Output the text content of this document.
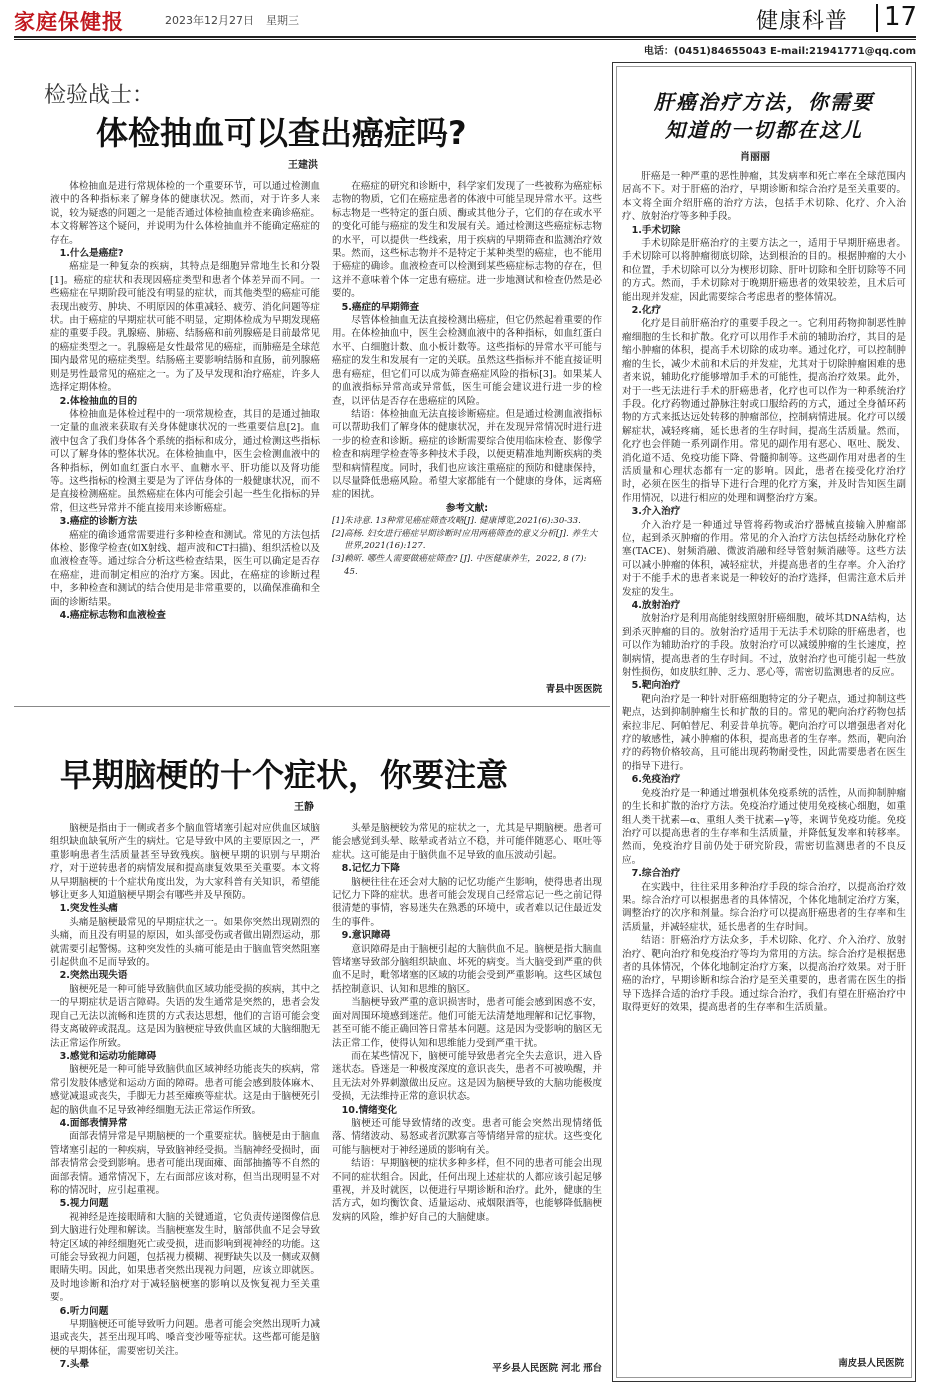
家庭保健报	2023年12月27日 星期三	健康科普 17
电话：(0451)84655043 E-mail:21941771@qq.com
检验战士：
体检抽血可以查出癌症吗?
王建洪
体检抽血是进行常规体检的一个重要环节，可以通过检测血液中的各种指标来了解身体的健康状况。然而，对于许多人来说，较为疑惑的问题之一是能否通过体检抽血检查来确诊癌症。本文将解答这个疑问，并说明为什么体检抽血并不能确定癌症的存在。
1.什么是癌症?
癌症是一种复杂的疾病，其特点是细胞异常地生长和分裂[1]。癌症的症状和表现因癌症类型和患者个体差异而不同。一些癌症在早期阶段可能没有明显的症状，而其他类型的癌症可能表现出疲劳、肿块、不明原因的体重减轻、疲劳、消化问题等症状。由于癌症的早期症状可能不明显，定期体检成为早期发现癌症的重要手段。乳腺癌、肺癌、结肠癌和前列腺癌是目前最常见的癌症类型之一。乳腺癌是女性最常见的癌症，而肺癌是全球范围内最常见的癌症类型。结肠癌主要影响结肠和直肠，前列腺癌则是男性最常见的癌症之一。为了及早发现和治疗癌症，许多人选择定期体检。
2.体检抽血的目的
体检抽血是体检过程中的一项常规检查，其目的是通过抽取一定量的血液来获取有关身体健康状况的一些重要信息[2]。血液中包含了我们身体各个系统的指标和成分，通过检测这些指标可以了解身体的整体状况。在体检抽血中，医生会检测血液中的各种指标，例如血红蛋白水平、血糖水平、肝功能以及肾功能等。这些指标的检测主要是为了评估身体的一般健康状况，而不是直接检测癌症。虽然癌症在体内可能会引起一些生化指标的异常，但这些异常并不能直接用来诊断癌症。
3.癌症的诊断方法
癌症的确诊通常需要进行多种检查和测试。常见的方法包括体检、影像学检查(如X射线、超声波和CT扫描)、组织活检以及血液检查等。通过综合分析这些检查结果，医生可以确定是否存在癌症，进而制定相应的治疗方案。因此，在癌症的诊断过程中，多种检查和测试的结合使用是非常重要的，以确保准确和全面的诊断结果。
4.癌症标志物和血液检查
在癌症的研究和诊断中，科学家们发现了一些被称为癌症标志物的物质，它们在癌症患者的体液中可能呈现异常水平。这些标志物是一些特定的蛋白质、酶或其他分子，它们的存在或水平的变化可能与癌症的发生和发展有关。通过检测这些癌症标志物的水平，可以提供一些线索，用于疾病的早期筛查和监测治疗效果。然而，这些标志物并不是特定于某种类型的癌症，也不能用于癌症的确诊。血液检查可以检测到某些癌症标志物的存在，但这并不意味着个体一定患有癌症。进一步地测试和检查仍然是必要的。
5.癌症的早期筛查
尽管体检抽血无法直接检测出癌症，但它仍然起着重要的作用。在体检抽血中，医生会检测血液中的各种指标，如血红蛋白水平、白细胞计数、血小板计数等。这些指标的异常水平可能与癌症的发生和发展有一定的关联。虽然这些指标并不能直接证明患有癌症，但它们可以成为筛查癌症风险的指标[3]。如果某人的血液指标异常高或异常低，医生可能会建议进行进一步的检查，以评估是否存在患癌症的风险。
结语：体检抽血无法直接诊断癌症。但是通过检测血液指标可以帮助我们了解身体的健康状况，并在发现异常情况时进行进一步的检查和诊断。癌症的诊断需要综合使用临床检查、影像学检查和病理学检查等多种技术手段，以便更精准地判断疾病的类型和病情程度。同时，我们也应该注重癌症的预防和健康保持，以尽量降低患癌风险。希望大家都能有一个健康的身体，远离癌症的困扰。
参考文献:
[1]朱诗意. 13种常见癌症筛查攻略[J]. 健康博览,2021(6):30-33.
[2]高杨. 妇女进行癌症早期诊断时应用两癌筛查的意义分析[J]. 养生大世界,2021(16):127.
[3]赖昕. 哪些人需要做癌症筛查? [J]. 中医健康养生，2022, 8 (7): 45.
青县中医医院
早期脑梗的十个症状，你要注意
王静
脑梗是指由于一侧或者多个脑血管堵塞引起对应供血区域脑组织缺血缺氧所产生的病灶。它是导致中风的主要原因之一，严重影响患者生活质量甚至导致残疾。脑梗早期的识别与早期治疗，对于逆转患者的病情发展和提高康复效果至关重要。本文将从早期脑梗的十个症状角度出发，为大家科普有关知识，希望能够让更多人知道脑梗早期会有哪些并及早预防。
1.突发性头痛
头痛是脑梗最常见的早期症状之一。如果你突然出现剧烈的头痛，而且没有明显的原因，如头部受伤或者做出剧烈运动，那就需要引起警惕。这种突发性的头痛可能是由于脑血管突然阻塞引起供血不足而导致的。
2.突然出现失语
脑梗死是一种可能导致脑供血区域功能受损的疾病，其中之一的早期症状是语言障碍。失语的发生通常是突然的，患者会发现自己无法以流畅和连贯的方式表达思想，他们的言语可能会变得支离破碎或混乱。这是因为脑梗症导致供血区域的大脑细胞无法正常运作所致。
3.感觉和运动功能障碍
脑梗死是一种可能导致脑供血区域神经功能丧失的疾病，常常引发肢体感觉和运动方面的障碍。患者可能会感到肢体麻木、感觉减退或丧失，手脚无力甚至瘫痪等症状。这是由于脑梗死引起的脑供血不足导致神经细胞无法正常运作所致。
4.面部表情异常
面部表情异常是早期脑梗的一个重要症状。脑梗是由于脑血管堵塞引起的一种疾病，导致脑神经受损。当脑神经受损时，面部表情常会受到影响。患者可能出现面瘫、面部抽搐等不自然的面部表情。通常情况下，左右面部应该对称，但当出现明显不对称的情况时，应引起重视。
5.视力问题
视神经是连接眼睛和大脑的关键通道，它负责传递图像信息到大脑进行处理和解读。当脑梗塞发生时，脑部供血不足会导致特定区域的神经细胞死亡或受损，进而影响到视神经的功能。这可能会导致视力问题，包括视力模糊、视野缺失以及一侧或双侧眼睛失明。因此，如果患者突然出现视力问题，应该立即就医。及时地诊断和治疗对于减轻脑梗塞的影响以及恢复视力至关重要。
6.听力问题
早期脑梗还可能导致听力问题。患者可能会突然出现听力减退或丧失，甚至出现耳鸣、嗓音变沙哑等症状。这些都可能是脑梗的早期体征，需要密切关注。
7.头晕
头晕是脑梗较为常见的症状之一，尤其是早期脑梗。患者可能会感觉到头晕、眩晕或者站立不稳，并可能伴随恶心、呕吐等症状。这可能是由于脑供血不足导致的血压波动引起。
8.记忆力下降
脑梗往往在还会对大脑的记忆功能产生影响，使得患者出现记忆力下降的症状。患者可能会发现自己经常忘记一些之前记得很清楚的事情，容易迷失在熟悉的环境中，或者难以记住最近发生的事件。
9.意识障碍
意识障碍是由于脑梗引起的大脑供血不足。脑梗是指大脑血管堵塞导致部分脑组织缺血、坏死的病变。当大脑受到严重的供血不足时，毗邻堵塞的区域的功能会受到严重影响。这些区域包括控制意识、认知和思维的脑区。
当脑梗导致严重的意识损害时，患者可能会感到困惑不安，面对周围环境感到迷茫。他们可能无法清楚地理解和记忆事物，甚至可能不能正确回答日常基本问题。这是因为受影响的脑区无法正常工作，使得认知和思维能力受到严重干扰。
而在某些情况下，脑梗可能导致患者完全失去意识，进入昏迷状态。昏迷是一种极度深度的意识丧失，患者不可被唤醒，并且无法对外界刺激做出反应。这是因为脑梗导致的大脑功能极度受损，无法维持正常的意识状态。
10.情绪变化
脑梗还可能导致情绪的改变。患者可能会突然出现情绪低落、情绪波动、易怒或者沉默寡言等情绪异常的症状。这些变化可能与脑梗对于神经递质的影响有关。
结语：早期脑梗的症状多种多样，但不同的患者可能会出现不同的症状组合。因此，任何出现上述症状的人都应该引起足够重视，并及时就医，以便进行早期诊断和治疗。此外，健康的生活方式，如均衡饮食、适量运动、戒烟限酒等，也能够降低脑梗发病的风险，维护好自己的大脑健康。
平乡县人民医院 河北 邢台
肝癌治疗方法，你需要
知道的一切都在这儿
肖丽丽
肝癌是一种严重的恶性肿瘤，其发病率和死亡率在全球范围内居高不下。对于肝癌的治疗，早期诊断和综合治疗是至关重要的。本文将全面介绍肝癌的治疗方法，包括手术切除、化疗、介入治疗、放射治疗等多种手段。
1.手术切除
手术切除是肝癌治疗的主要方法之一，适用于早期肝癌患者。手术切除可以将肿瘤彻底切除，达到根治的目的。根据肿瘤的大小和位置，手术切除可以分为楔形切除、肝叶切除和全肝切除等不同的方式。然而，手术切除对于晚期肝癌患者的效果较差，且术后可能出现并发症，因此需要综合考虑患者的整体情况。
2.化疗
化疗是目前肝癌治疗的重要手段之一。它利用药物抑制恶性肿瘤细胞的生长和扩散。化疗可以用作手术前的辅助治疗，其目的是缩小肿瘤的体积，提高手术切除的成功率。通过化疗，可以控制肿瘤的生长，减少术前和术后的并发症，尤其对于切除肿瘤困难的患者来说，辅助化疗能够增加手术的可能性，提高治疗效果。此外，对于一些无法进行手术的肝癌患者，化疗也可以作为一种系统治疗手段。化疗药物通过静脉注射或口服给药的方式，通过全身循环药物的方式来抵达远处转移的肿瘤部位，控制病情进展。化疗可以缓解症状，减轻疼痛，延长患者的生存时间，提高生活质量。然而，化疗也会伴随一系列副作用。常见的副作用有恶心、呕吐、脱发、消化道不适、免疫功能下降、骨髓抑制等。这些副作用对患者的生活质量和心理状态都有一定的影响。因此，患者在接受化疗治疗时，必须在医生的指导下进行合理的化疗方案，并及时告知医生副作用情况，以进行相应的处理和调整治疗方案。
3.介入治疗
介入治疗是一种通过导管将药物或治疗器械直接输入肿瘤部位，起到杀灭肿瘤的作用。常见的介入治疗方法包括经动脉化疗栓塞(TACE)、射频消融、微波消融和经导管射频消融等。这些方法可以减小肿瘤的体积，减轻症状，并提高患者的生存率。介入治疗对于不能手术的患者来说是一种较好的治疗选择，但需注意术后并发症的发生。
4.放射治疗
放射治疗是利用高能射线照射肝癌细胞，破坏其DNA结构，达到杀灭肿瘤的目的。放射治疗适用于无法手术切除的肝癌患者，也可以作为辅助治疗的手段。放射治疗可以减缓肿瘤的生长速度，控制病情，提高患者的生存时间。不过，放射治疗也可能引起一些放射性损伤，如皮肤红肿、乏力、恶心等，需密切监测患者的反应。
5.靶向治疗
靶向治疗是一种针对肝癌细胞特定的分子靶点，通过抑制这些靶点，达到抑制肿瘤生长和扩散的目的。常见的靶向治疗药物包括索拉非尼、阿帕替尼、利妥昔单抗等。靶向治疗可以增强患者对化疗的敏感性，减小肿瘤的体积，提高患者的生存率。然而，靶向治疗的药物价格较高，且可能出现药物耐受性，因此需要患者在医生的指导下进行。
6.免疫治疗
免疫治疗是一种通过增强机体免疫系统的活性，从而抑制肿瘤的生长和扩散的治疗方法。免疫治疗通过使用免疫核心细胞，如重组人类干扰素—α、重组人类干扰素—γ等，来调节免疫功能。免疫治疗可以提高患者的生存率和生活质量，并降低复发率和转移率。然而，免疫治疗目前仍处于研究阶段，需密切监测患者的不良反应。
7.综合治疗
在实践中，往往采用多种治疗手段的综合治疗，以提高治疗效果。综合治疗可以根据患者的具体情况，个体化地制定治疗方案，调整治疗的次序和剂量。综合治疗可以提高肝癌患者的生存率和生活质量，并减轻症状，延长患者的生存时间。
结语：肝癌治疗方法众多，手术切除、化疗、介入治疗、放射治疗、靶向治疗和免疫治疗等均为常用的方法。综合治疗是根据患者的具体情况，个体化地制定治疗方案，以提高治疗效果。对于肝癌的治疗，早期诊断和综合治疗是至关重要的，患者需在医生的指导下选择合适的治疗手段。通过综合治疗，我们有望在肝癌治疗中取得更好的效果，提高患者的生存率和生活质量。
南皮县人民医院
